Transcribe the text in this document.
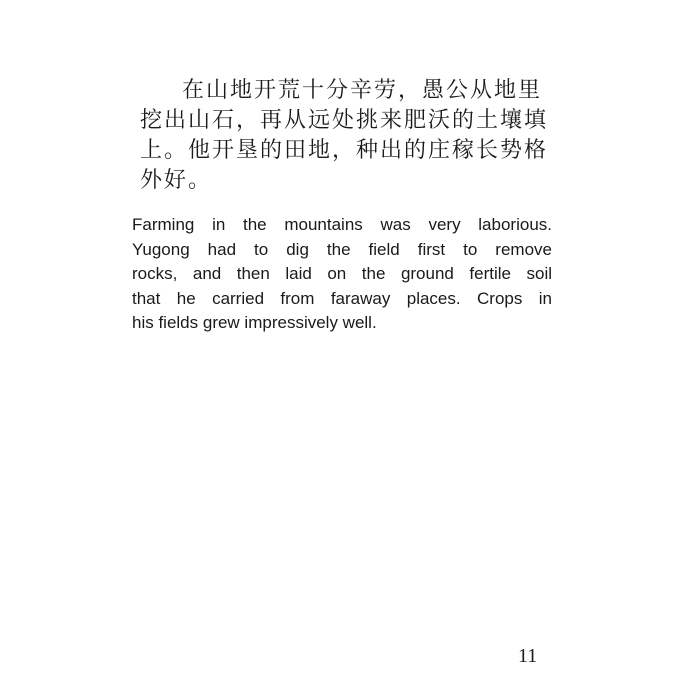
在山地开荒十分辛劳，愚公从地里
挖出山石，再从远处挑来肥沃的土壤填
上。他开垦的田地，种出的庄稼长势格
外好。
Farming in the mountains was very laborious.
Yugong had to dig the field first to remove
rocks, and then laid on the ground fertile soil
that he carried from faraway places. Crops in
his fields grew impressively well.
11
